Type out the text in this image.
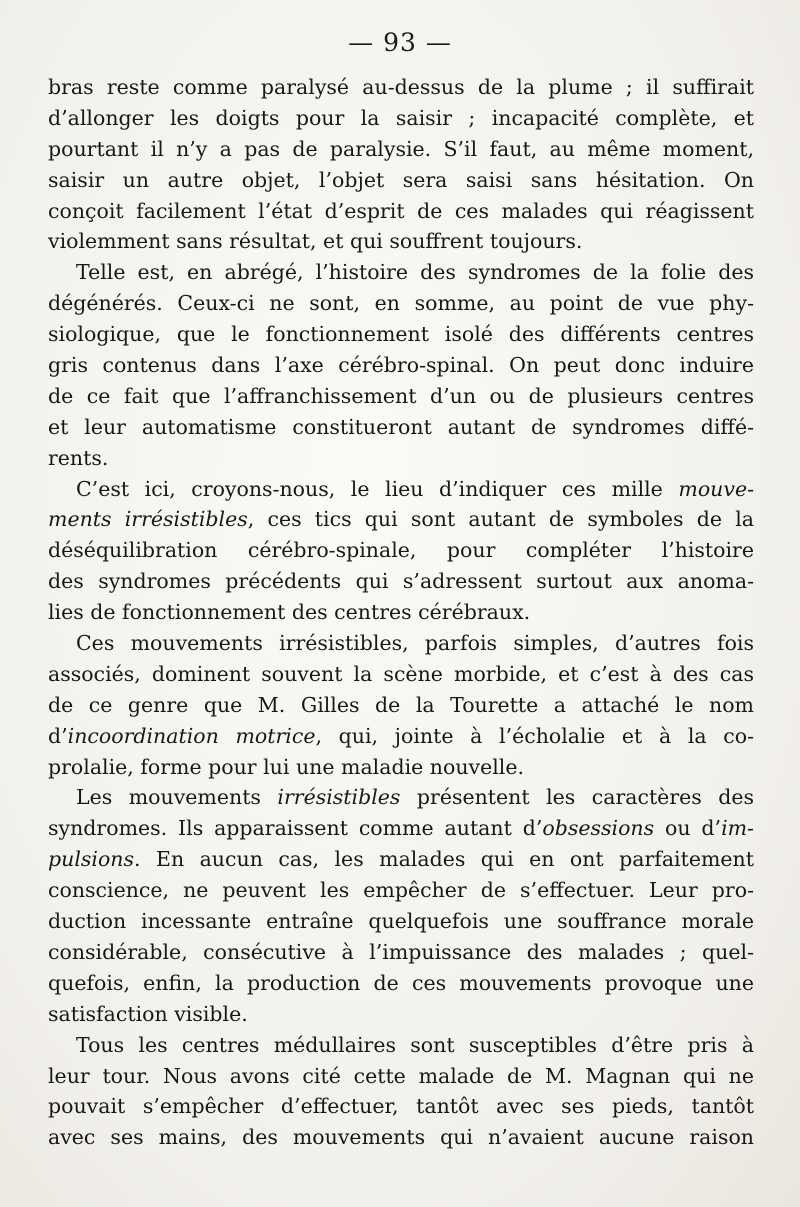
— 93 —
bras reste comme paralysé au-dessus de la plume ; il suffirait
d’allonger les doigts pour la saisir ; incapacité complète, et
pourtant il n’y a pas de paralysie. S’il faut, au même moment,
saisir un autre objet, l’objet sera saisi sans hésitation. On
conçoit facilement l’état d’esprit de ces malades qui réagissent
violemment sans résultat, et qui souffrent toujours.
Telle est, en abrégé, l’histoire des syndromes de la folie des
dégénérés. Ceux-ci ne sont, en somme, au point de vue phy-
siologique, que le fonctionnement isolé des différents centres
gris contenus dans l’axe cérébro-spinal. On peut donc induire
de ce fait que l’affranchissement d’un ou de plusieurs centres
et leur automatisme constitueront autant de syndromes diffé-
rents.
C’est ici, croyons-nous, le lieu d’indiquer ces mille mouve-
ments irrésistibles, ces tics qui sont autant de symboles de la
déséquilibration cérébro-spinale, pour compléter l’histoire
des syndromes précédents qui s’adressent surtout aux anoma-
lies de fonctionnement des centres cérébraux.
Ces mouvements irrésistibles, parfois simples, d’autres fois
associés, dominent souvent la scène morbide, et c’est à des cas
de ce genre que M. Gilles de la Tourette a attaché le nom
d’incoordination motrice, qui, jointe à l’écholalie et à la co-
prolalie, forme pour lui une maladie nouvelle.
Les mouvements irrésistibles présentent les caractères des
syndromes. Ils apparaissent comme autant d’obsessions ou d’im-
pulsions. En aucun cas, les malades qui en ont parfaitement
conscience, ne peuvent les empêcher de s’effectuer. Leur pro-
duction incessante entraîne quelquefois une souffrance morale
considérable, consécutive à l’impuissance des malades ; quel-
quefois, enfin, la production de ces mouvements provoque une
satisfaction visible.
Tous les centres médullaires sont susceptibles d’être pris à
leur tour. Nous avons cité cette malade de M. Magnan qui ne
pouvait s’empêcher d’effectuer, tantôt avec ses pieds, tantôt
avec ses mains, des mouvements qui n’avaient aucune raison
